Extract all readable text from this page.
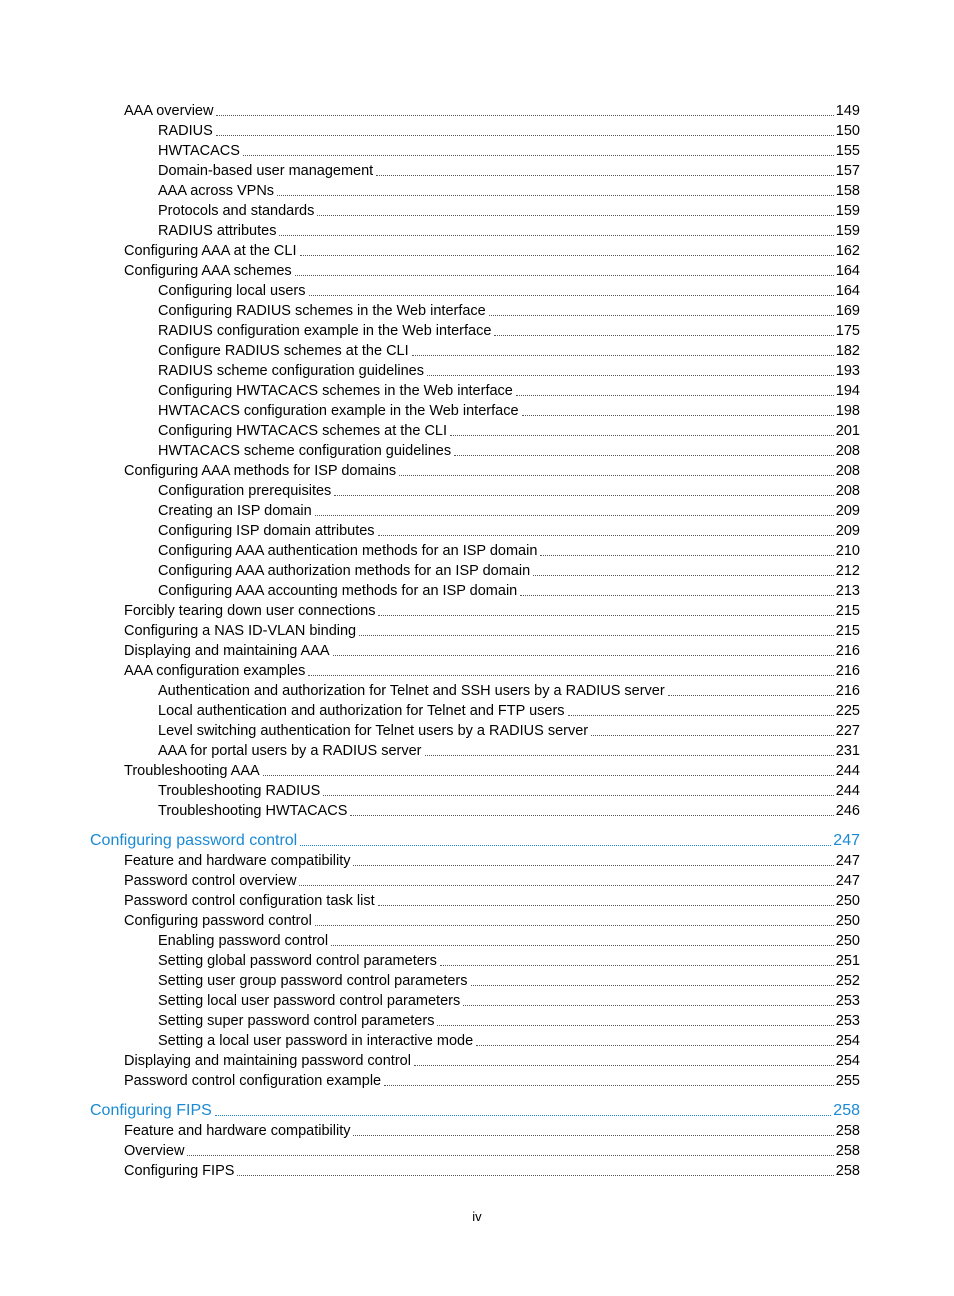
AAA overview	149
RADIUS	150
HWTACACS	155
Domain-based user management	157
AAA across VPNs	158
Protocols and standards	159
RADIUS attributes	159
Configuring AAA at the CLI	162
Configuring AAA schemes	164
Configuring local users	164
Configuring RADIUS schemes in the Web interface	169
RADIUS configuration example in the Web interface	175
Configure RADIUS schemes at the CLI	182
RADIUS scheme configuration guidelines	193
Configuring HWTACACS schemes in the Web interface	194
HWTACACS configuration example in the Web interface	198
Configuring HWTACACS schemes at the CLI	201
HWTACACS scheme configuration guidelines	208
Configuring AAA methods for ISP domains	208
Configuration prerequisites	208
Creating an ISP domain	209
Configuring ISP domain attributes	209
Configuring AAA authentication methods for an ISP domain	210
Configuring AAA authorization methods for an ISP domain	212
Configuring AAA accounting methods for an ISP domain	213
Forcibly tearing down user connections	215
Configuring a NAS ID-VLAN binding	215
Displaying and maintaining AAA	216
AAA configuration examples	216
Authentication and authorization for Telnet and SSH users by a RADIUS server	216
Local authentication and authorization for Telnet and FTP users	225
Level switching authentication for Telnet users by a RADIUS server	227
AAA for portal users by a RADIUS server	231
Troubleshooting AAA	244
Troubleshooting RADIUS	244
Troubleshooting HWTACACS	246
Configuring password control	247
Feature and hardware compatibility	247
Password control overview	247
Password control configuration task list	250
Configuring password control	250
Enabling password control	250
Setting global password control parameters	251
Setting user group password control parameters	252
Setting local user password control parameters	253
Setting super password control parameters	253
Setting a local user password in interactive mode	254
Displaying and maintaining password control	254
Password control configuration example	255
Configuring FIPS	258
Feature and hardware compatibility	258
Overview	258
Configuring FIPS	258
iv
